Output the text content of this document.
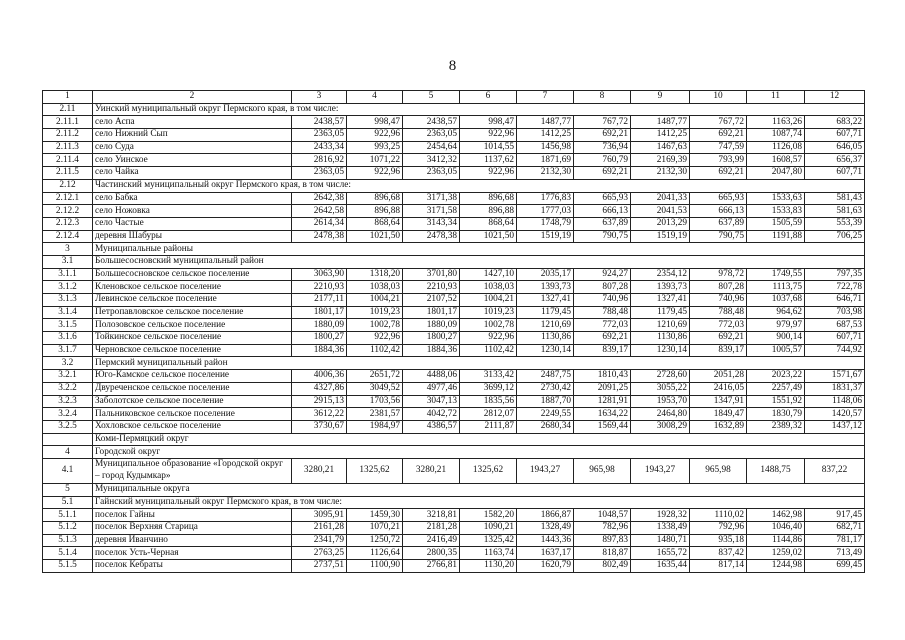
8
1	2	3	4	5	6	7	8	9	10	11	12
2.11	Уинский муниципальный округ Пермского края, в том числе:										
2.11.1	село Аспа	2438,57	998,47	2438,57	998,47	1487,77	767,72	1487,77	767,72	1163,26	683,22
2.11.2	село Нижний Сып	2363,05	922,96	2363,05	922,96	1412,25	692,21	1412,25	692,21	1087,74	607,71
2.11.3	село Суда	2433,34	993,25	2454,64	1014,55	1456,98	736,94	1467,63	747,59	1126,08	646,05
2.11.4	село Уинское	2816,92	1071,22	3412,32	1137,62	1871,69	760,79	2169,39	793,99	1608,57	656,37
2.11.5	село Чайка	2363,05	922,96	2363,05	922,96	2132,30	692,21	2132,30	692,21	2047,80	607,71
2.12	Частинский муниципальный округ Пермского края, в том числе:										
2.12.1	село Бабка	2642,38	896,68	3171,38	896,68	1776,83	665,93	2041,33	665,93	1533,63	581,43
2.12.2	село Ножовка	2642,58	896,88	3171,58	896,88	1777,03	666,13	2041,53	666,13	1533,83	581,63
2.12.3	село Частые	2614,34	868,64	3143,34	868,64	1748,79	637,89	2013,29	637,89	1505,59	553,39
2.12.4	деревня Шабуры	2478,38	1021,50	2478,38	1021,50	1519,19	790,75	1519,19	790,75	1191,88	706,25
3	Муниципальные районы										
3.1	Большесосновский муниципальный район										
3.1.1	Большесосновское сельское поселение	3063,90	1318,20	3701,80	1427,10	2035,17	924,27	2354,12	978,72	1749,55	797,35
3.1.2	Кленовское сельское поселение	2210,93	1038,03	2210,93	1038,03	1393,73	807,28	1393,73	807,28	1113,75	722,78
3.1.3	Левинское сельское поселение	2177,11	1004,21	2107,52	1004,21	1327,41	740,96	1327,41	740,96	1037,68	646,71
3.1.4	Петропавловское сельское поселение	1801,17	1019,23	1801,17	1019,23	1179,45	788,48	1179,45	788,48	964,62	703,98
3.1.5	Полозовское сельское поселение	1880,09	1002,78	1880,09	1002,78	1210,69	772,03	1210,69	772,03	979,97	687,53
3.1.6	Тойкинское сельское поселение	1800,27	922,96	1800,27	922,96	1130,86	692,21	1130,86	692,21	900,14	607,71
3.1.7	Черновское сельское поселение	1884,36	1102,42	1884,36	1102,42	1230,14	839,17	1230,14	839,17	1005,57	744,92
3.2	Пермский муниципальный район										
3.2.1	Юго-Камское сельское поселение	4006,36	2651,72	4488,06	3133,42	2487,75	1810,43	2728,60	2051,28	2023,22	1571,67
3.2.2	Двуреченское сельское поселение	4327,86	3049,52	4977,46	3699,12	2730,42	2091,25	3055,22	2416,05	2257,49	1831,37
3.2.3	Заболотское сельское поселение	2915,13	1703,56	3047,13	1835,56	1887,70	1281,91	1953,70	1347,91	1551,92	1148,06
3.2.4	Пальниковское сельское поселение	3612,22	2381,57	4042,72	2812,07	2249,55	1634,22	2464,80	1849,47	1830,79	1420,57
3.2.5	Хохловское сельское поселение	3730,67	1984,97	4386,57	2111,87	2680,34	1569,44	3008,29	1632,89	2389,32	1437,12
	Коми-Пермяцкий округ										
4	Городской округ										
4.1	Муниципальное образование «Городской округ – город Кудымкар»	3280,21	1325,62	3280,21	1325,62	1943,27	965,98	1943,27	965,98	1488,75	837,22
5	Муниципальные округа										
5.1	Гайнский муниципальный округ Пермского края, в том числе:										
5.1.1	поселок Гайны	3095,91	1459,30	3218,81	1582,20	1866,87	1048,57	1928,32	1110,02	1462,98	917,45
5.1.2	поселок Верхняя Старица	2161,28	1070,21	2181,28	1090,21	1328,49	782,96	1338,49	792,96	1046,40	682,71
5.1.3	деревня Иванчино	2341,79	1250,72	2416,49	1325,42	1443,36	897,83	1480,71	935,18	1144,86	781,17
5.1.4	поселок Усть-Черная	2763,25	1126,64	2800,35	1163,74	1637,17	818,87	1655,72	837,42	1259,02	713,49
5.1.5	поселок Кебраты	2737,51	1100,90	2766,81	1130,20	1620,79	802,49	1635,44	817,14	1244,98	699,45
